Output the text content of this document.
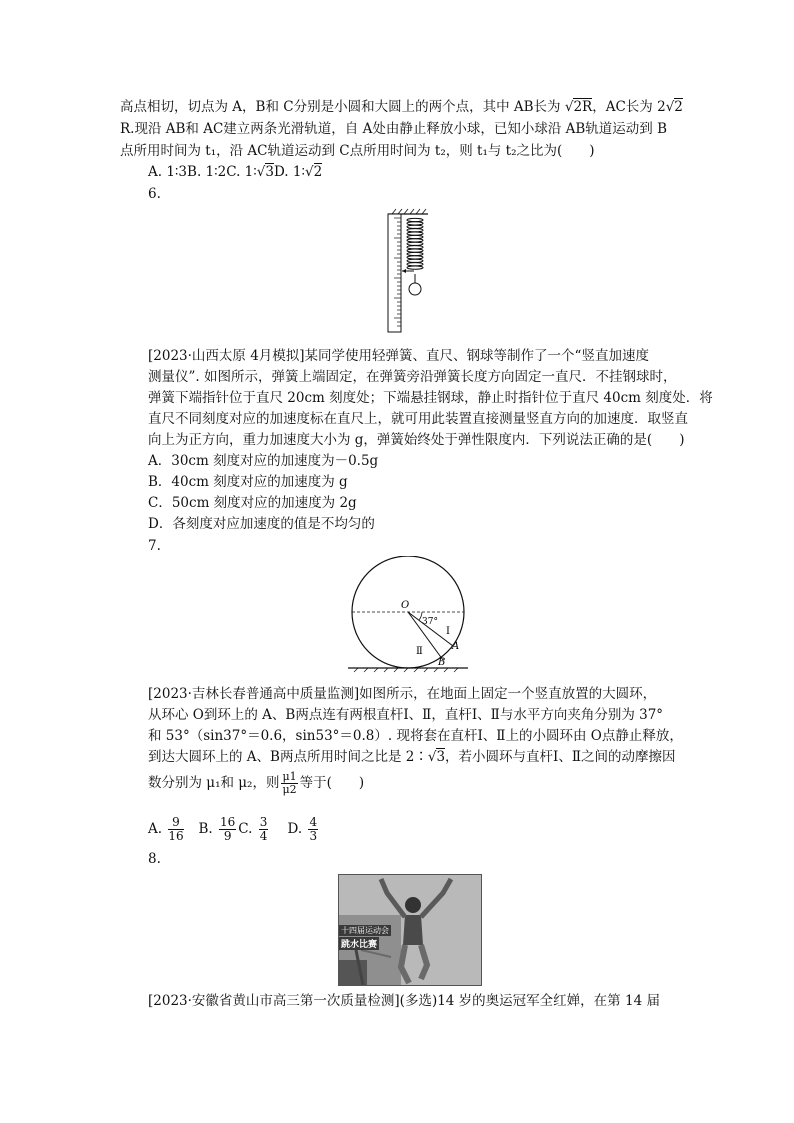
高点相切，切点为 A，B和 C分别是小圆和大圆上的两个点，其中 AB长为 √2R，AC长为 2√2
R.现沿 AB和 AC建立两条光滑轨道，自 A处由静止释放小球，已知小球沿 AB轨道运动到 B
点所用时间为 t₁，沿 AC轨道运动到 C点所用时间为 t₂，则 t₁与 t₂之比为(　　)
A. 1∶3B. 1∶2C. 1∶√3D. 1∶√2
6.
[2023·山西太原 4月模拟]某同学使用轻弹簧、直尺、钢球等制作了一个“竖直加速度
测量仪”. 如图所示，弹簧上端固定，在弹簧旁沿弹簧长度方向固定一直尺．不挂钢球时，
弹簧下端指针位于直尺 20cm 刻度处；下端悬挂钢球，静止时指针位于直尺 40cm 刻度处．将
直尺不同刻度对应的加速度标在直尺上，就可用此装置直接测量竖直方向的加速度．取竖直
向上为正方向，重力加速度大小为 g，弹簧始终处于弹性限度内．下列说法正确的是(　　)
A．30cm 刻度对应的加速度为－0.5g
B．40cm 刻度对应的加速度为 g
C．50cm 刻度对应的加速度为 2g
D．各刻度对应加速度的值是不均匀的
7.
O
37°
Ⅰ
Ⅱ	A
B
[2023·吉林长春普通高中质量监测]如图所示，在地面上固定一个竖直放置的大圆环，
从环心 O到环上的 A、B两点连有两根直杆Ⅰ、Ⅱ，直杆Ⅰ、Ⅱ与水平方向夹角分别为 37°
和 53°（sin37°＝0.6，sin53°＝0.8）. 现将套在直杆Ⅰ、Ⅱ上的小圆环由 O点静止释放，
到达大圆环上的 A、B两点所用时间之比是 2∶√3，若小圆环与直杆Ⅰ、Ⅱ之间的动摩擦因
数分别为 μ₁和 μ₂，则 $\frac{\mu 1}{\mu 2}$ 等于(　　)
A. $\frac{9}{16} B$. $\frac{16}{9} C$. $\frac{3}{4} D$. $\frac{4}{3}$
8.
十四届运动会
跳水比赛
[2023·安徽省黄山市高三第一次质量检测](多选)14 岁的奥运冠军全红婵，在第 14 届
